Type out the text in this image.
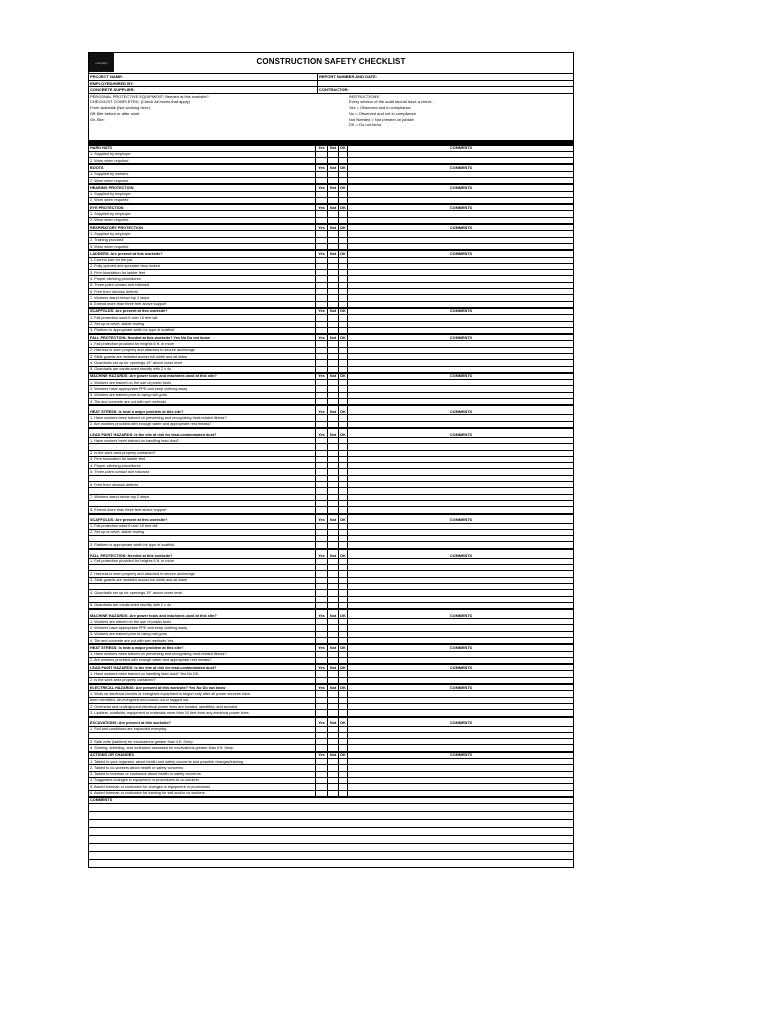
company	CONSTRUCTION SAFETY CHECKLIST
PROJECT NAME:	REPORT NUMBER AND DATE:
EMPLOYED/HIRED BY:
CONCRETE SUPPLIER:	CONTRACTOR:
PERSONAL PROTECTIVE EQUIPMENT: Needed at this worksite?
CHECKLIST COMPLETED: (Check all boxes that apply)
From sidewalk (Not working here):
Off-Site before or after work:
On-Site:
INSTRUCTIONS
Every section of the audit should have a check :
Yes = Observed and in compliance
No = Observed and not in compliance
Not Needed = Not present on jobsite
DK = Do not know

HARD HATS	Yes	Not	DK	COMMENTS
1. Supplied by employer				
2. Worn when required				
BOOTS	Yes	Not	DK	COMMENTS
1. Supplied by workers				
2. Worn when required				
HEARING PROTECTION	Yes	Not	DK	COMMENTS
1. Supplied by employer				
2. Worn when required				
EYE PROTECTION	Yes	Not	DK	COMMENTS
1. Supplied by employer				
2. Worn when required				
RESPIRATORY PROTECTION	Yes	Not	DK	COMMENTS
1. Supplied by employer				
2. Training provided				
3. Worn when required				
LADDERS: Are present at this worksite?	Yes	Not	DK	COMMENTS
1. Correct size for the job				
2. Fully opened and spreader bars locked				
3. Firm foundation for ladder feet				
4. Proper climbing procedures				
5. Three-point contact rule followed				
6. Free from obvious defects				
7. Workers stand below top 2 steps				
8. Extend more than three feet above support				
SCAFFOLDS: Are present at this worksite?	Yes	Not	DK	COMMENTS
1. Fall protection used if over 10 feet tall				
2. Set up on level, stable footing				
3. Platform is appropriate width for type of scaffold				
FALL PROTECTION: Needed at this worksite? Yes No Do not know	Yes	Not	DK	COMMENTS
1. Fall protection provided for heights 6 ft. or more				
2. Harness is worn properly and attached to secure anchorage				
3. Slide guards are installed across full width and all sides				
4. Guardrails set up for openings 19" above lower level				
5. Guardrails are constructed sturdily with 2 x 4s				
MACHINE HAZARDS: Are power tools and machines used at this site?	Yes	Not	DK	COMMENTS
1. Workers are trained on the use of power tools				
2. Workers have appropriate PPE and keep clothing away				
3. Workers are trained prior to using nail guns				
4. Tile and concrete are cut with wet methods				
HEAT STRESS: Is heat a major problem at this site?	Yes	Not	DK	COMMENTS
1. Have workers been trained on preventing and recognizing heat-related illness?				
2. Are workers provided with enough water and appropriate rest breaks?				
LEAD PAINT HAZARDS: Is the site at risk for lead-contaminated dust?	Yes	Not	DK	COMMENTS
1. Have workers been trained on handling lead dust?				

2. Is the work area properly contained?				
3. Firm foundation for ladder feet				
4. Proper climbing procedures				
5. Three-point contact rule followed				

6. Free from obvious defects				

7. Workers stand below top 2 steps				

8. Extend more than three feet above support				
SCAFFOLDS: Are present at this worksite?	Yes	Not	DK	COMMENTS
1. Fall protection used if over 10 feet tall				
2. Set up on level, stable footing				

3. Platform is appropriate width for type of scaffold				
FALL PROTECTION: Needed at this worksite?	Yes	Not	DK	COMMENTS
1. Fall protection provided for heights 6 ft. or more				

2. Harness is worn properly and attached to secure anchorage				
3. Slide guards are installed across full width and all sides				

4. Guardrails set up for openings 19" above lower level				

5. Guardrails are constructed sturdily with 2 x 4s				
MACHINE HAZARDS: Are power tools and machines used at this site?	Yes	Not	DK	COMMENTS
1. Workers are trained on the use of power tools				
2. Workers have appropriate PPE and keep clothing away				
3. Workers are trained prior to using nail guns				
4. Tile and concrete are cut with wet methods Yes				
HEAT STRESS: Is heat a major problem at this site?	Yes	Not	DK	COMMENTS
1. Have workers been trained on preventing and recognizing heat-related illness?				
2. Are workers provided with enough water and appropriate rest breaks?				
LEAD PAINT HAZARDS: Is the site at risk for lead-contaminated dust?	Yes	Not	DK	COMMENTS
1. Have workers been trained on handling lead dust? Yes No DK				
2. Is the work area properly contained?				
ELECTRICAL HAZARDS: Are present at this worksite? Yes No Do not know	Yes	Not	DK	COMMENTS
1. Work on electrical circuits or energized equipment is begun only after all power sources have				
been identified, de-energized and locked out or tagged out.				
2. Overhead and underground electrical power lines are located, identified, and avoided.				
3. Ladders, scaffolds, equipment or materials more than 10 feet from any electrical power lines				
EXCAVATIONS: Are present at this worksite?	Yes	Not	DK	COMMENTS
1. Soil and conditions are inspected everyday				

2. Safe exits (ladders) for excavations greater than 4 ft. Deep				
3. Shoring, shielding, and inclination assessed for excavations greater than 5 ft. Deep				
ACTIONS OR CHANGES	Yes	Not	DK	COMMENTS
1. Talked to your organizer about health and safety concerns and possible changes/training				
2. Talked to co-workers about health or safety concerns				
3. Talked to foreman or contractor about health or safety concerns				
4. Suggested changes in equipment or procedures to co-workers				
5. Asked foreman or contractor for changes in equipment or procedures				
6. Asked foreman or contractor for training for self and/or co-workers				
COMMENTS				
